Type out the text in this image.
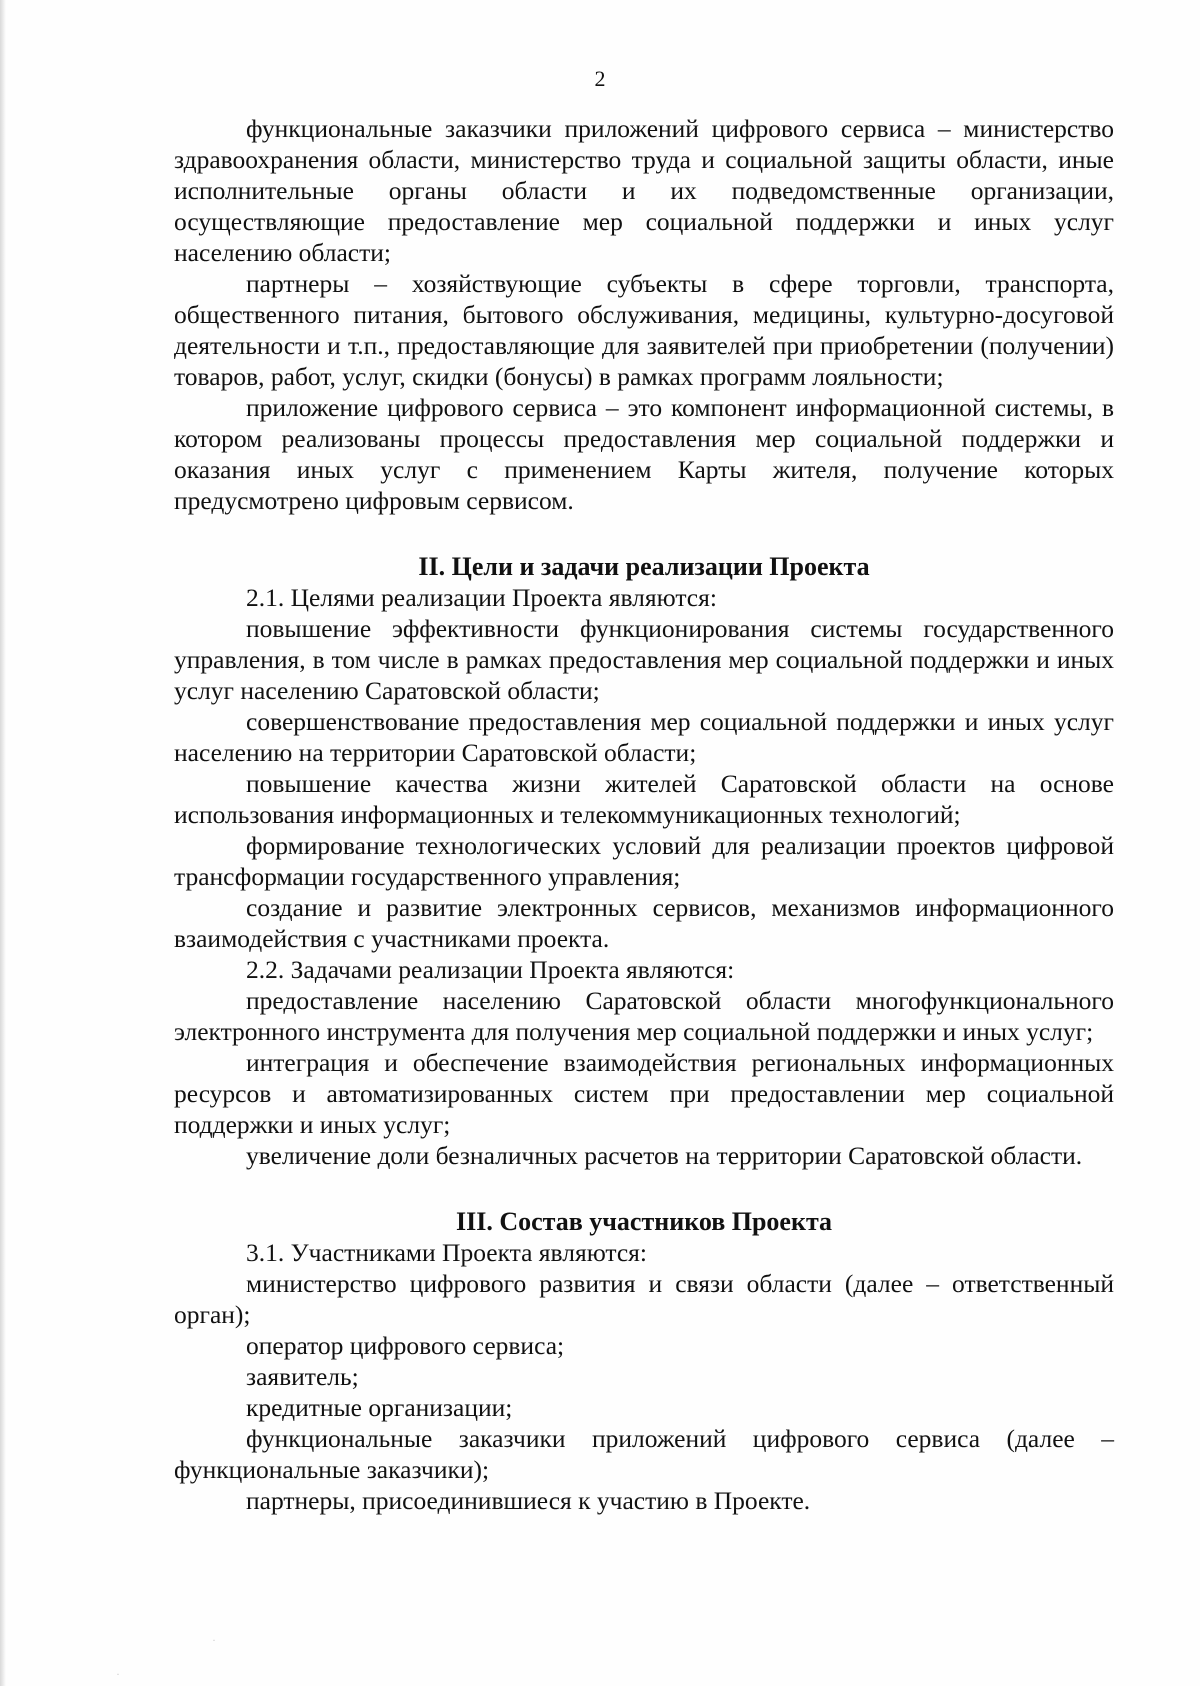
2

функциональные заказчики приложений цифрового сервиса – министерство здравоохранения области, министерство труда и социальной защиты области, иные исполнительные органы области и их подведомственные организации, осуществляющие предоставление мер социальной поддержки и иных услуг населению области;

партнеры – хозяйствующие субъекты в сфере торговли, транспорта, общественного питания, бытового обслуживания, медицины, культурно-досуговой деятельности и т.п., предоставляющие для заявителей при приобретении (получении) товаров, работ, услуг, скидки (бонусы) в рамках программ лояльности;

приложение цифрового сервиса – это компонент информационной системы, в котором реализованы процессы предоставления мер социальной поддержки и оказания иных услуг с применением Карты жителя, получение которых предусмотрено цифровым сервисом.

II. Цели и задачи реализации Проекта

2.1. Целями реализации Проекта являются:

повышение эффективности функционирования системы государственного управления, в том числе в рамках предоставления мер социальной поддержки и иных услуг населению Саратовской области;

совершенствование предоставления мер социальной поддержки и иных услуг населению на территории Саратовской области;

повышение качества жизни жителей Саратовской области на основе использования информационных и телекоммуникационных технологий;

формирование технологических условий для реализации проектов цифровой трансформации государственного управления;

создание и развитие электронных сервисов, механизмов информационного взаимодействия с участниками проекта.

2.2. Задачами реализации Проекта являются:

предоставление населению Саратовской области многофункционального электронного инструмента для получения мер социальной поддержки и иных услуг;

интеграция и обеспечение взаимодействия региональных информационных ресурсов и автоматизированных систем при предоставлении мер социальной поддержки и иных услуг;

увеличение доли безналичных расчетов на территории Саратовской области.

III. Состав участников Проекта

3.1. Участниками Проекта являются:

министерство цифрового развития и связи области (далее – ответственный орган);

оператор цифрового сервиса;

заявитель;

кредитные организации;

функциональные заказчики приложений цифрового сервиса (далее – функциональные заказчики);

партнеры, присоединившиеся к участию в Проекте.

·
·
